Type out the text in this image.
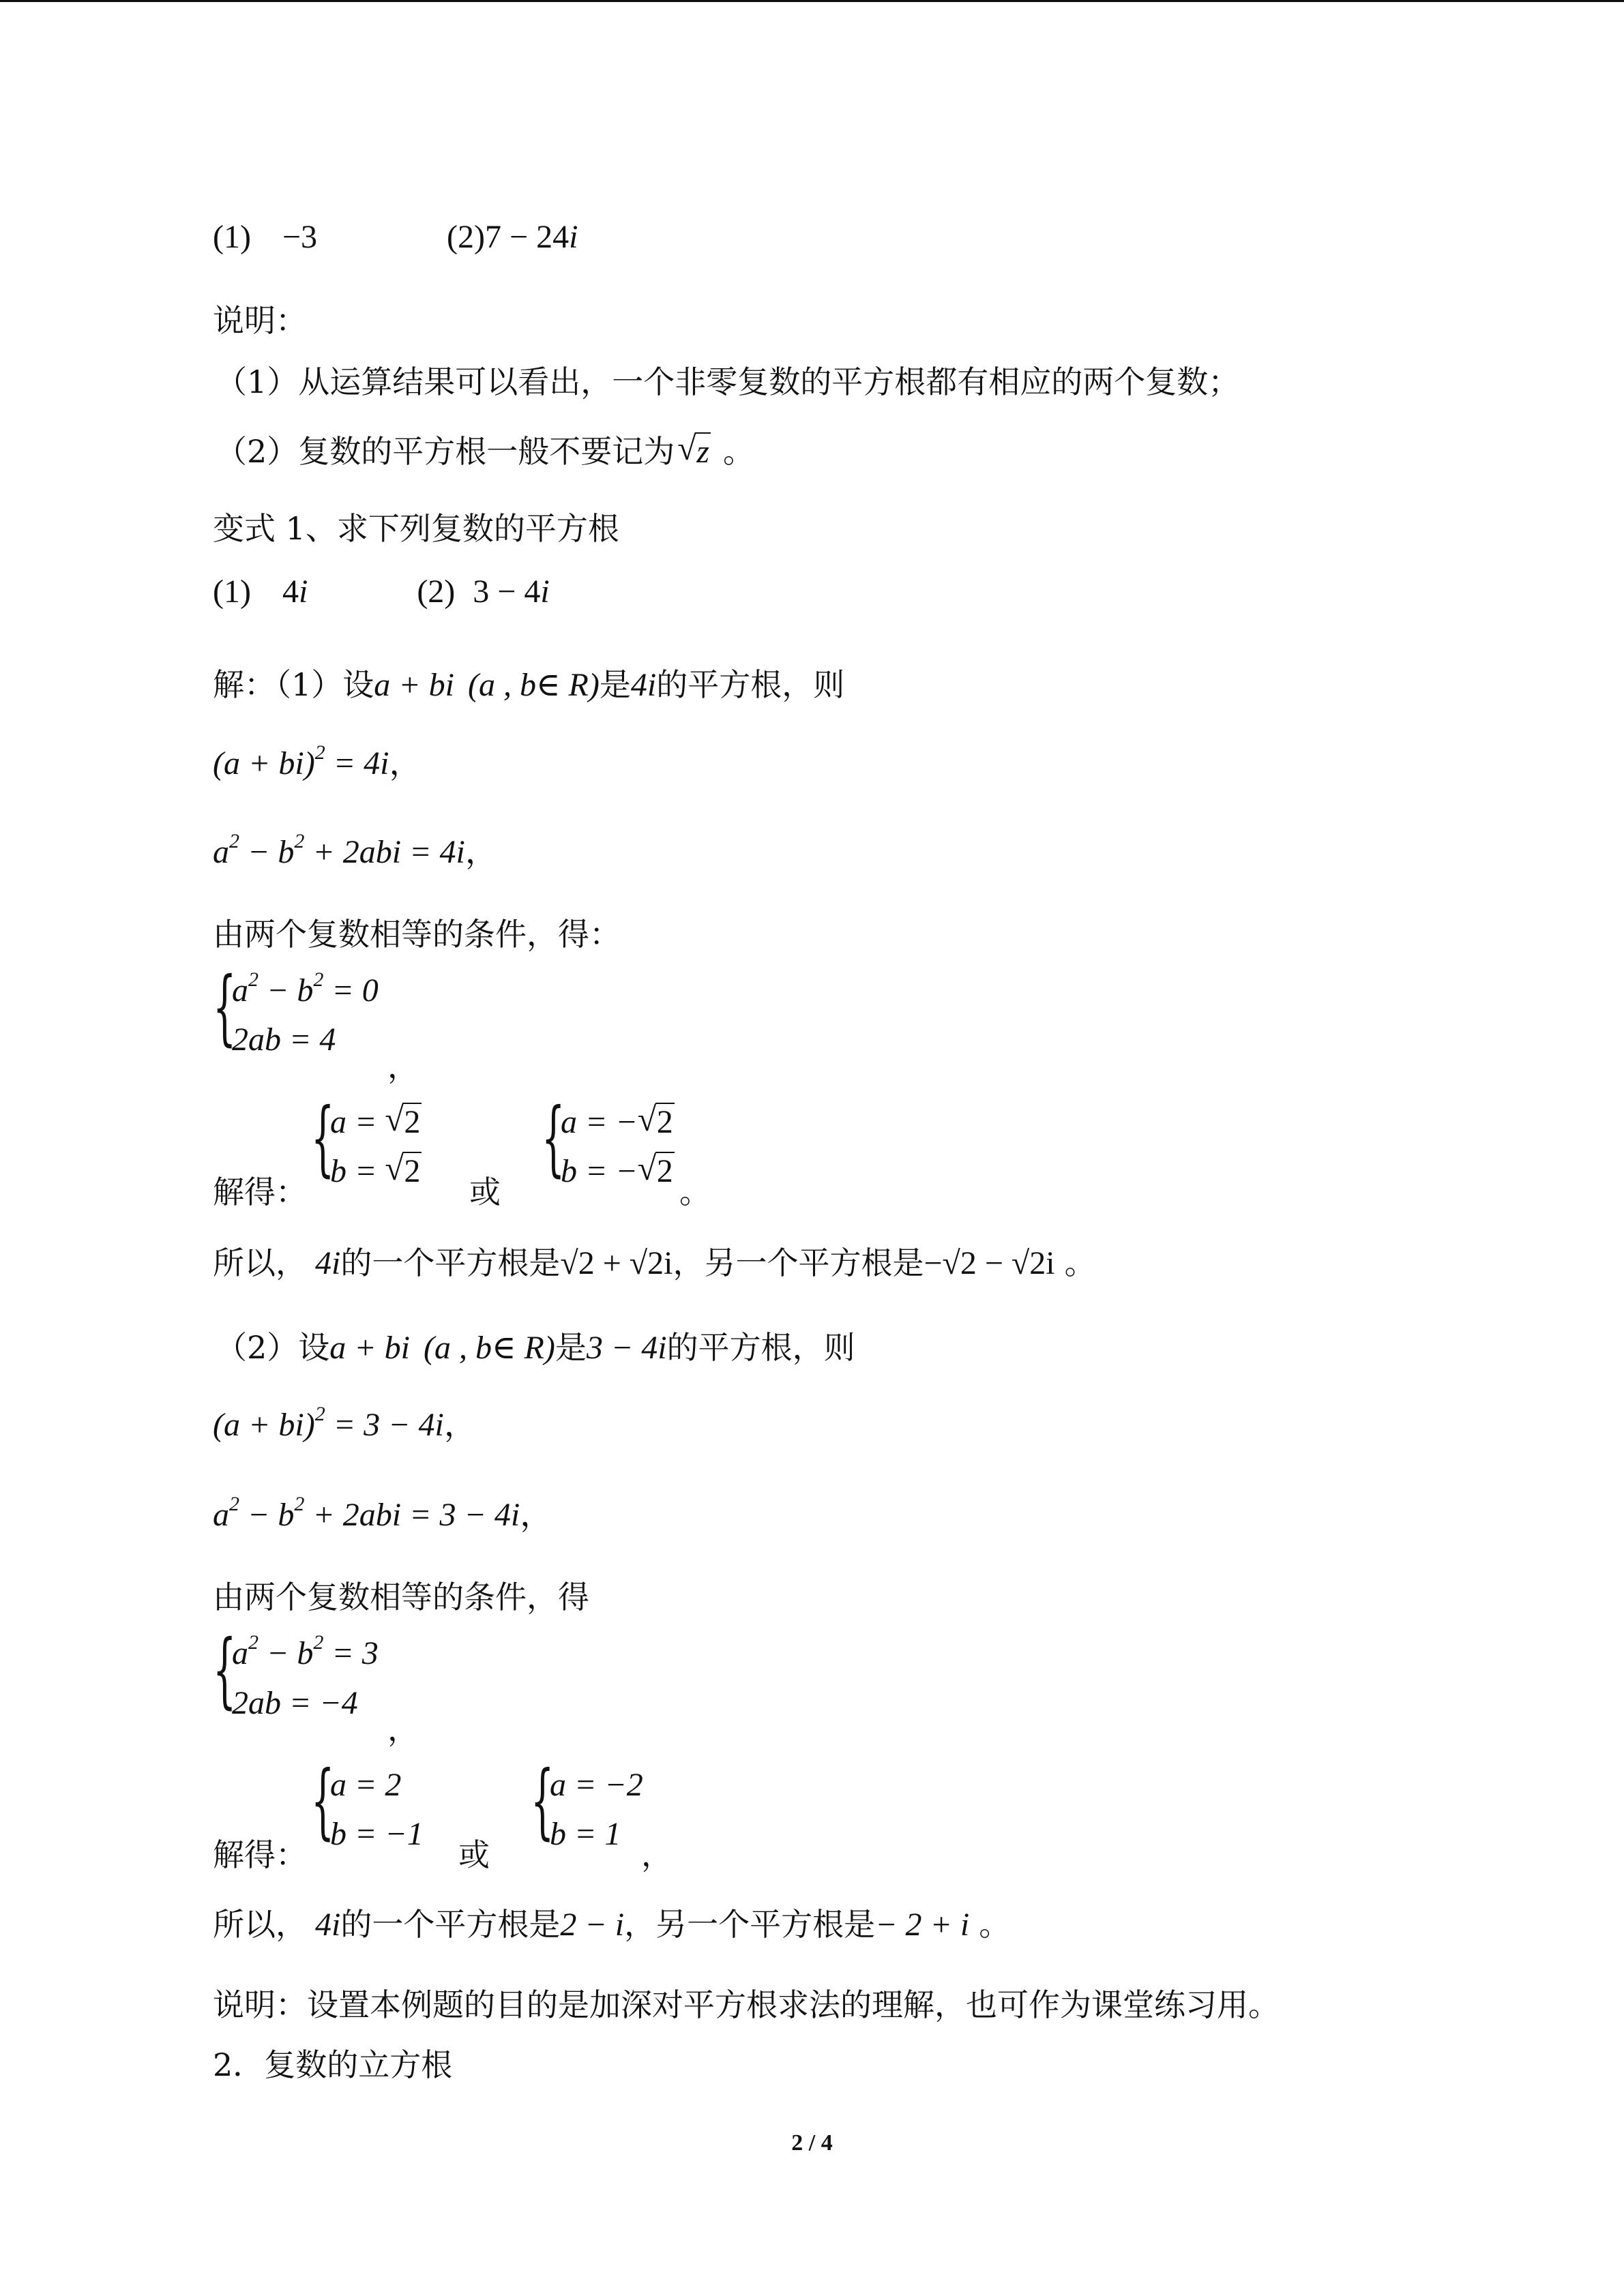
(1) −3	(2)7 − 24i
说明：
（1）从运算结果可以看出，一个非零复数的平方根都有相应的两个复数；
（2）复数的平方根一般不要记为 √ z 。
变式 1、求下列复数的平方根
(1) 4i	(2) 3 − 4i
解：（1）设a + bi (a , b∈ R)是4i的平方根，则
(a + bi)$^2$ = 4i，
$a^2 - b^2 + 2abi = 4i$，
由两个复数相等的条件，得：
{
$a^2 - b^2 = 0$
2ab = 4
，
{
a = √ 2
b = √ 2
解得：	或
{
a = − √ 2
b = − √ 2
。
所以， 4i的一个平方根是√2 + √2i，另一个平方根是−√2 − √2i 。
（2）设a + bi (a , b∈ R)是3 − 4i的平方根，则
(a + bi)$^2$ = 3 − 4i，
$a^2 - b^2 + 2abi = 3 - 4i$，
由两个复数相等的条件，得
{
$a^2 - b^2 = 3$
2ab = −4
，
{
a = 2
b = −1
解得：	或
{
a = −2
b = 1
，
所以， 4i的一个平方根是2 − i，另一个平方根是− 2 + i 。
说明：设置本例题的目的是加深对平方根求法的理解，也可作为课堂练习用。
2．复数的立方根
2 / 4
